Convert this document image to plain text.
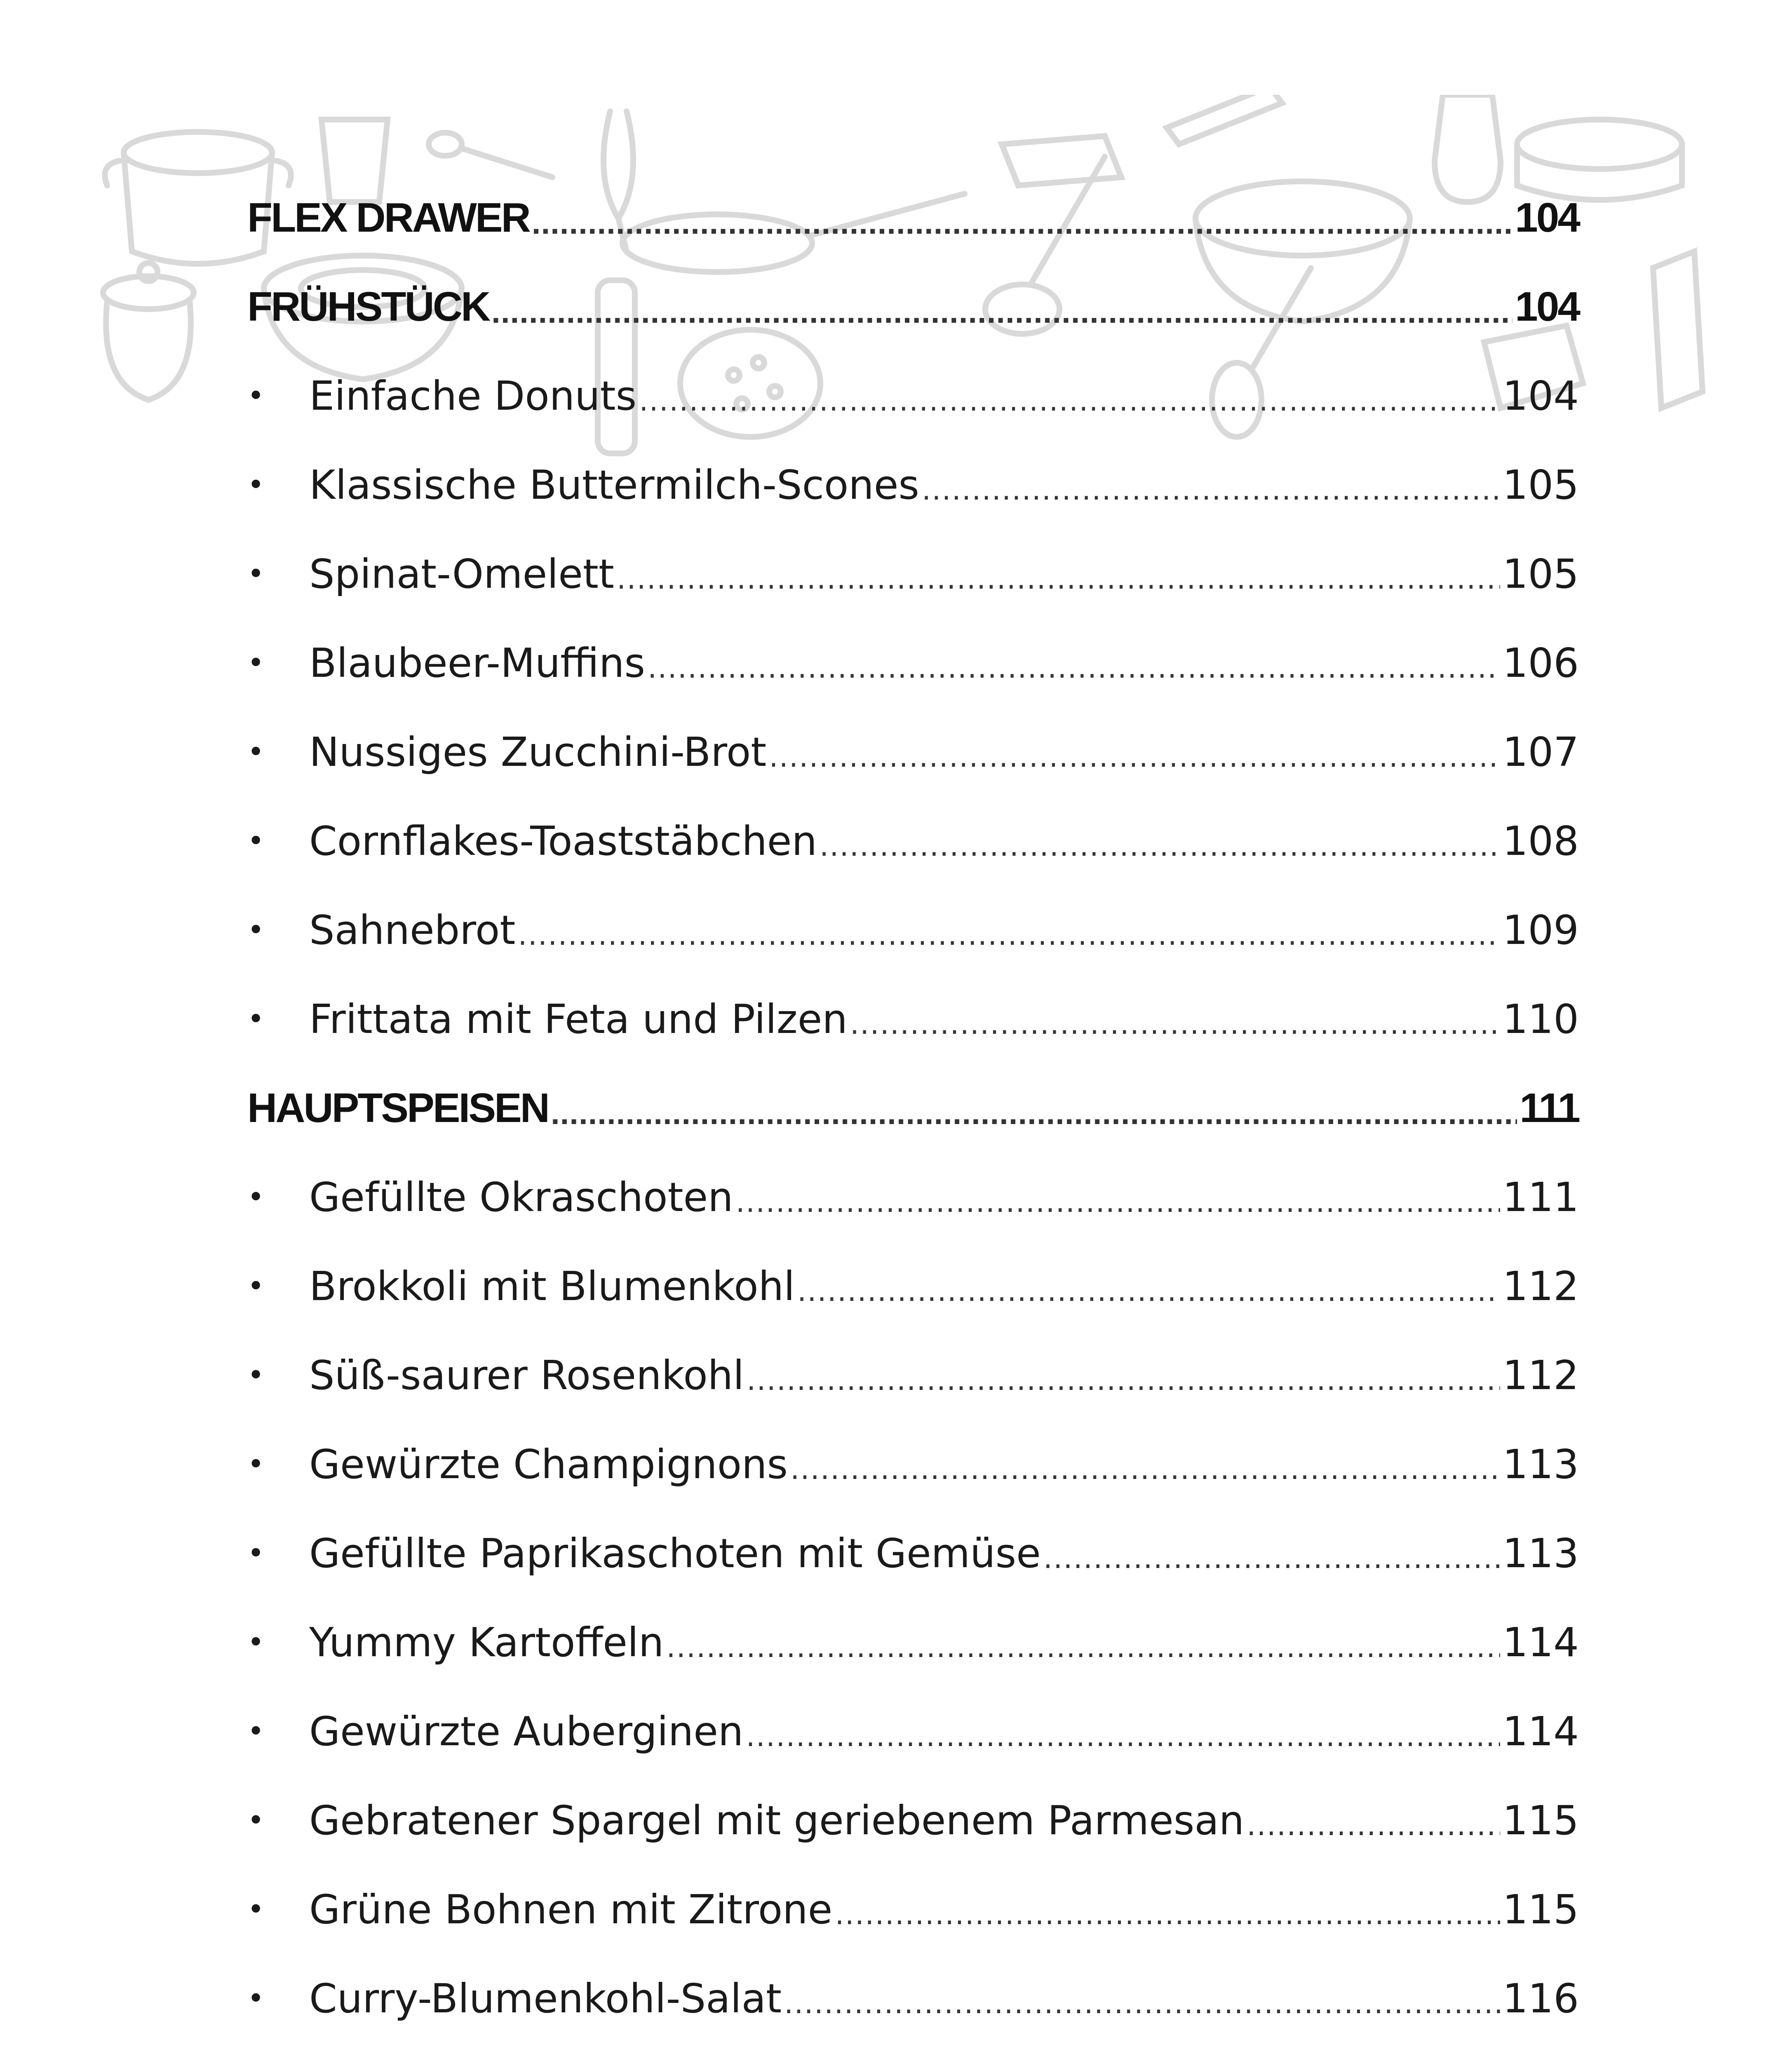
FLEX DRAWER .....	104
FRÜHSTÜCK .....	104
•	Einfache Donuts .....	104
•	Klassische Buttermilch-Scones .....	105
•	Spinat-Omelett .....	105
•	Blaubeer-Muffins .....	106
•	Nussiges Zucchini-Brot .....	107
•	Cornflakes-Toaststäbchen .....	108
•	Sahnebrot .....	109
•	Frittata mit Feta und Pilzen .....	110
HAUPTSPEISEN .....	111
•	Gefüllte Okraschoten .....	111
•	Brokkoli mit Blumenkohl .....	112
•	Süß-saurer Rosenkohl .....	112
•	Gewürzte Champignons .....	113
•	Gefüllte Paprikaschoten mit Gemüse .....	113
•	Yummy Kartoffeln .....	114
•	Gewürzte Auberginen .....	114
•	Gebratener Spargel mit geriebenem Parmesan .....	115
•	Grüne Bohnen mit Zitrone .....	115
•	Curry-Blumenkohl-Salat .....	116
